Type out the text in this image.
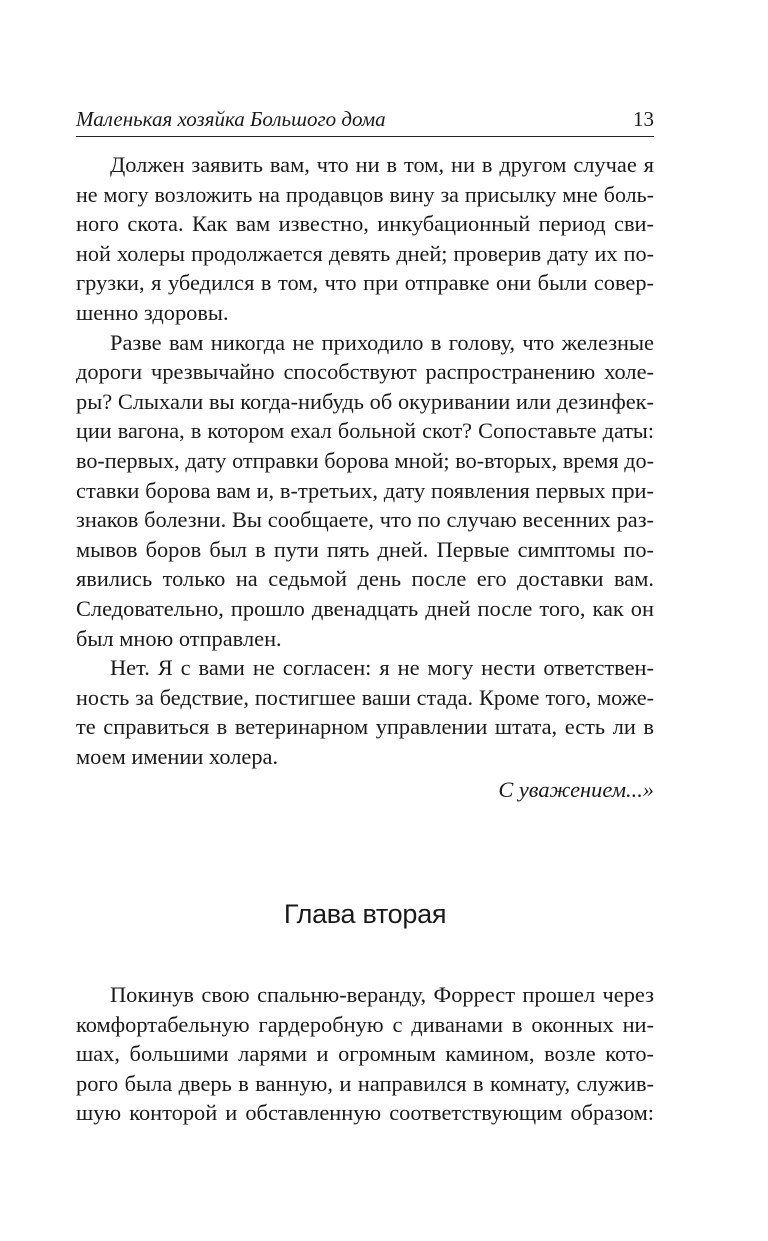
Маленькая хозяйка Большого дома	13
Должен заявить вам, что ни в том, ни в другом случае я
не могу возложить на продавцов вину за присылку мне боль-
ного скота. Как вам известно, инкубационный период сви-
ной холеры продолжается девять дней; проверив дату их по-
грузки, я убедился в том, что при отправке они были совер-
шенно здоровы.
Разве вам никогда не приходило в голову, что железные
дороги чрезвычайно способствуют распространению холе-
ры? Слыхали вы когда-нибудь об окуривании или дезинфек-
ции вагона, в котором ехал больной скот? Сопоставьте даты:
во-первых, дату отправки борова мной; во-вторых, время до-
ставки борова вам и, в-третьих, дату появления первых при-
знаков болезни. Вы сообщаете, что по случаю весенних раз-
мывов боров был в пути пять дней. Первые симптомы по-
явились только на седьмой день после его доставки вам.
Следовательно, прошло двенадцать дней после того, как он
был мною отправлен.
Нет. Я с вами не согласен: я не могу нести ответствен-
ность за бедствие, постигшее ваши стада. Кроме того, може-
те справиться в ветеринарном управлении штата, есть ли в
моем имении холера.
С уважением...»
Глава вторая
Покинув свою спальню-веранду, Форрест прошел через
комфортабельную гардеробную с диванами в оконных ни-
шах, большими ларями и огромным камином, возле кото-
рого была дверь в ванную, и направился в комнату, служив-
шую конторой и обставленную соответствующим образом:
